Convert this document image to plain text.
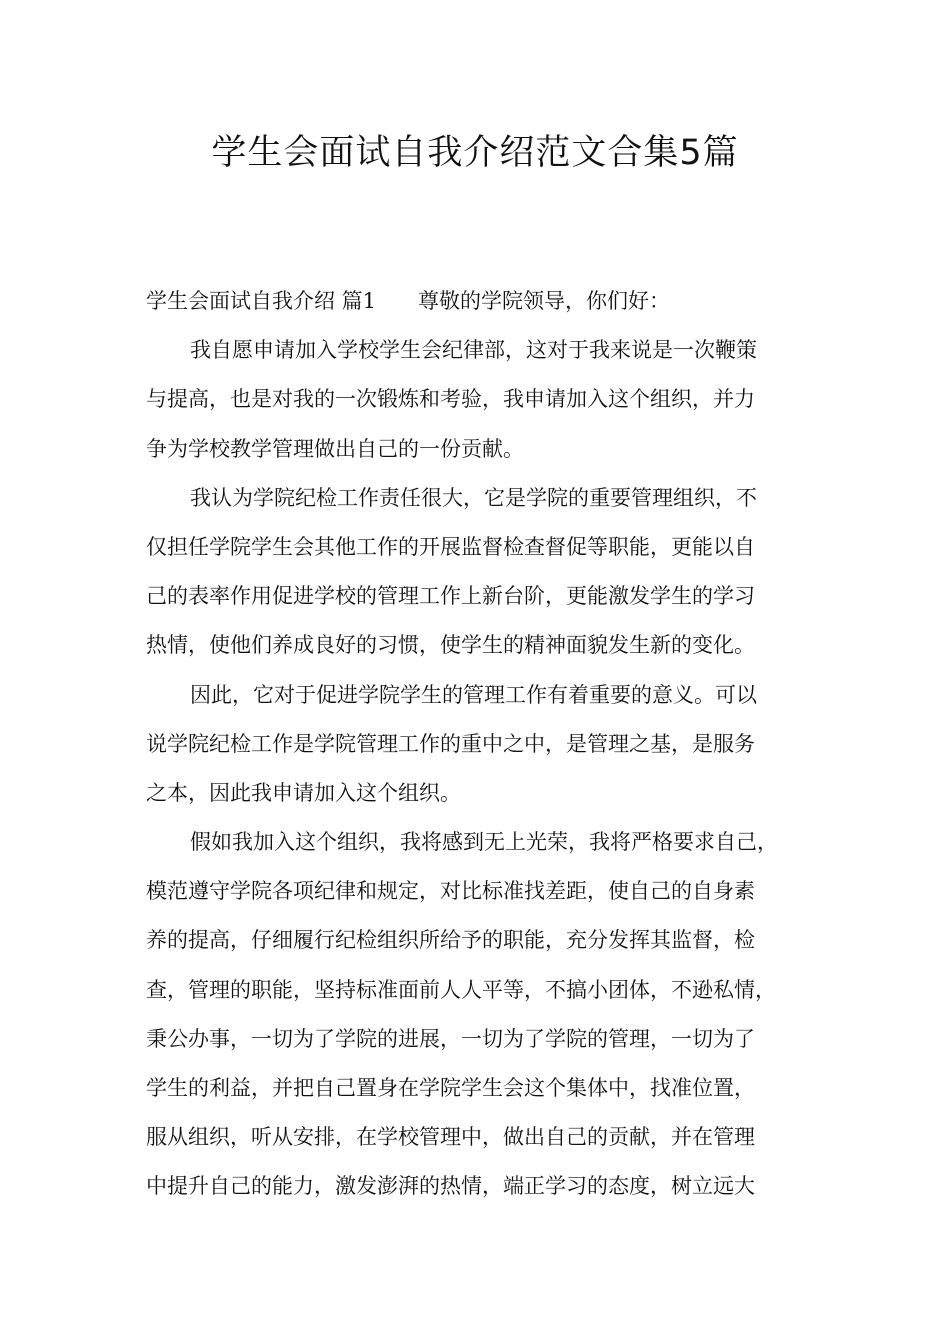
学生会面试自我介绍范文合集5篇
学生会面试自我介绍 篇1 尊敬的学院领导，你们好：
我自愿申请加入学校学生会纪律部，这对于我来说是一次鞭策
与提高，也是对我的一次锻炼和考验，我申请加入这个组织，并力
争为学校教学管理做出自己的一份贡献。
我认为学院纪检工作责任很大，它是学院的重要管理组织，不
仅担任学院学生会其他工作的开展监督检查督促等职能，更能以自
己的表率作用促进学校的管理工作上新台阶，更能激发学生的学习
热情，使他们养成良好的习惯，使学生的精神面貌发生新的变化。
因此，它对于促进学院学生的管理工作有着重要的意义。可以
说学院纪检工作是学院管理工作的重中之中，是管理之基，是服务
之本，因此我申请加入这个组织。
假如我加入这个组织，我将感到无上光荣，我将严格要求自己，
模范遵守学院各项纪律和规定，对比标准找差距，使自己的自身素
养的提高，仔细履行纪检组织所给予的职能，充分发挥其监督，检
查，管理的职能，坚持标准面前人人平等，不搞小团体，不逊私情，
秉公办事，一切为了学院的进展，一切为了学院的管理，一切为了
学生的利益，并把自己置身在学院学生会这个集体中，找准位置，
服从组织，听从安排，在学校管理中，做出自己的贡献，并在管理
中提升自己的能力，激发澎湃的热情，端正学习的态度，树立远大
